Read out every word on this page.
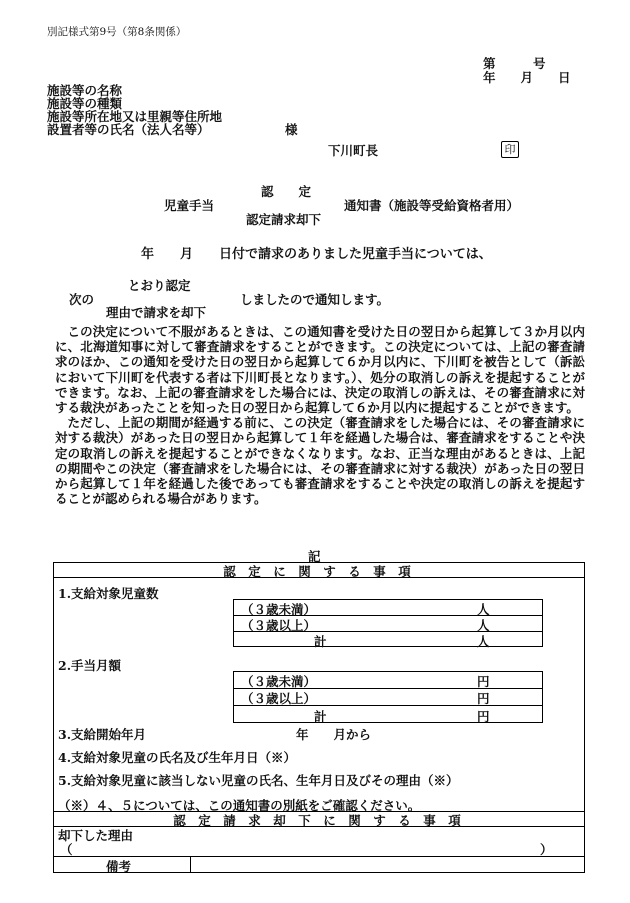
別記様式第9号（第8条関係）
第　　　号
年　　月　　日
施設等の名称
施設等の種類
施設等所在地又は里親等住所地
設置者等の氏名（法人名等）	様
下川町長	印
認　　定
児童手当	通知書（施設等受給資格者用）
認定請求却下
年　　月　　日付で請求のありました児童手当については、
とおり認定
次の	しましたので通知します。
理由で請求を却下

この決定について不服があるときは、この通知書を受けた日の翌日から起算して３か月以内に、北海道知事に対して審査請求をすることができます。この決定については、上記の審査請求のほか、この通知を受けた日の翌日から起算して６か月以内に、下川町を被告として（訴訟において下川町を代表する者は下川町長となります。）、処分の取消しの訴えを提起することができます。なお、上記の審査請求をした場合には、決定の取消しの訴えは、その審査請求に対する裁決があったことを知った日の翌日から起算して６か月以内に提起することができます。

ただし、上記の期間が経過する前に、この決定（審査請求をした場合には、その審査請求に対する裁決）があった日の翌日から起算して１年を経過した場合は、審査請求をすることや決定の取消しの訴えを提起することができなくなります。なお、正当な理由があるときは、上記の期間やこの決定（審査請求をした場合には、その審査請求に対する裁決）があった日の翌日から起算して１年を経過した後であっても審査請求をすることや決定の取消しの訴えを提起することが認められる場合があります。

記
認　定　に　関　す　る　事　項
1.支給対象児童数
（３歳未満）	人
（３歳以上）	人
計	人
2.手当月額
（３歳未満）	円
（３歳以上）	円
計	円
3.支給開始年月	年　　月から
4.支給対象児童の氏名及び生年月日（※）
5.支給対象児童に該当しない児童の氏名、生年月日及びその理由（※）
（※）４、５については、この通知書の別紙をご確認ください。
認　定　請　求　却　下　に　関　す　る　事　項
却下した理由
（	）
備考
